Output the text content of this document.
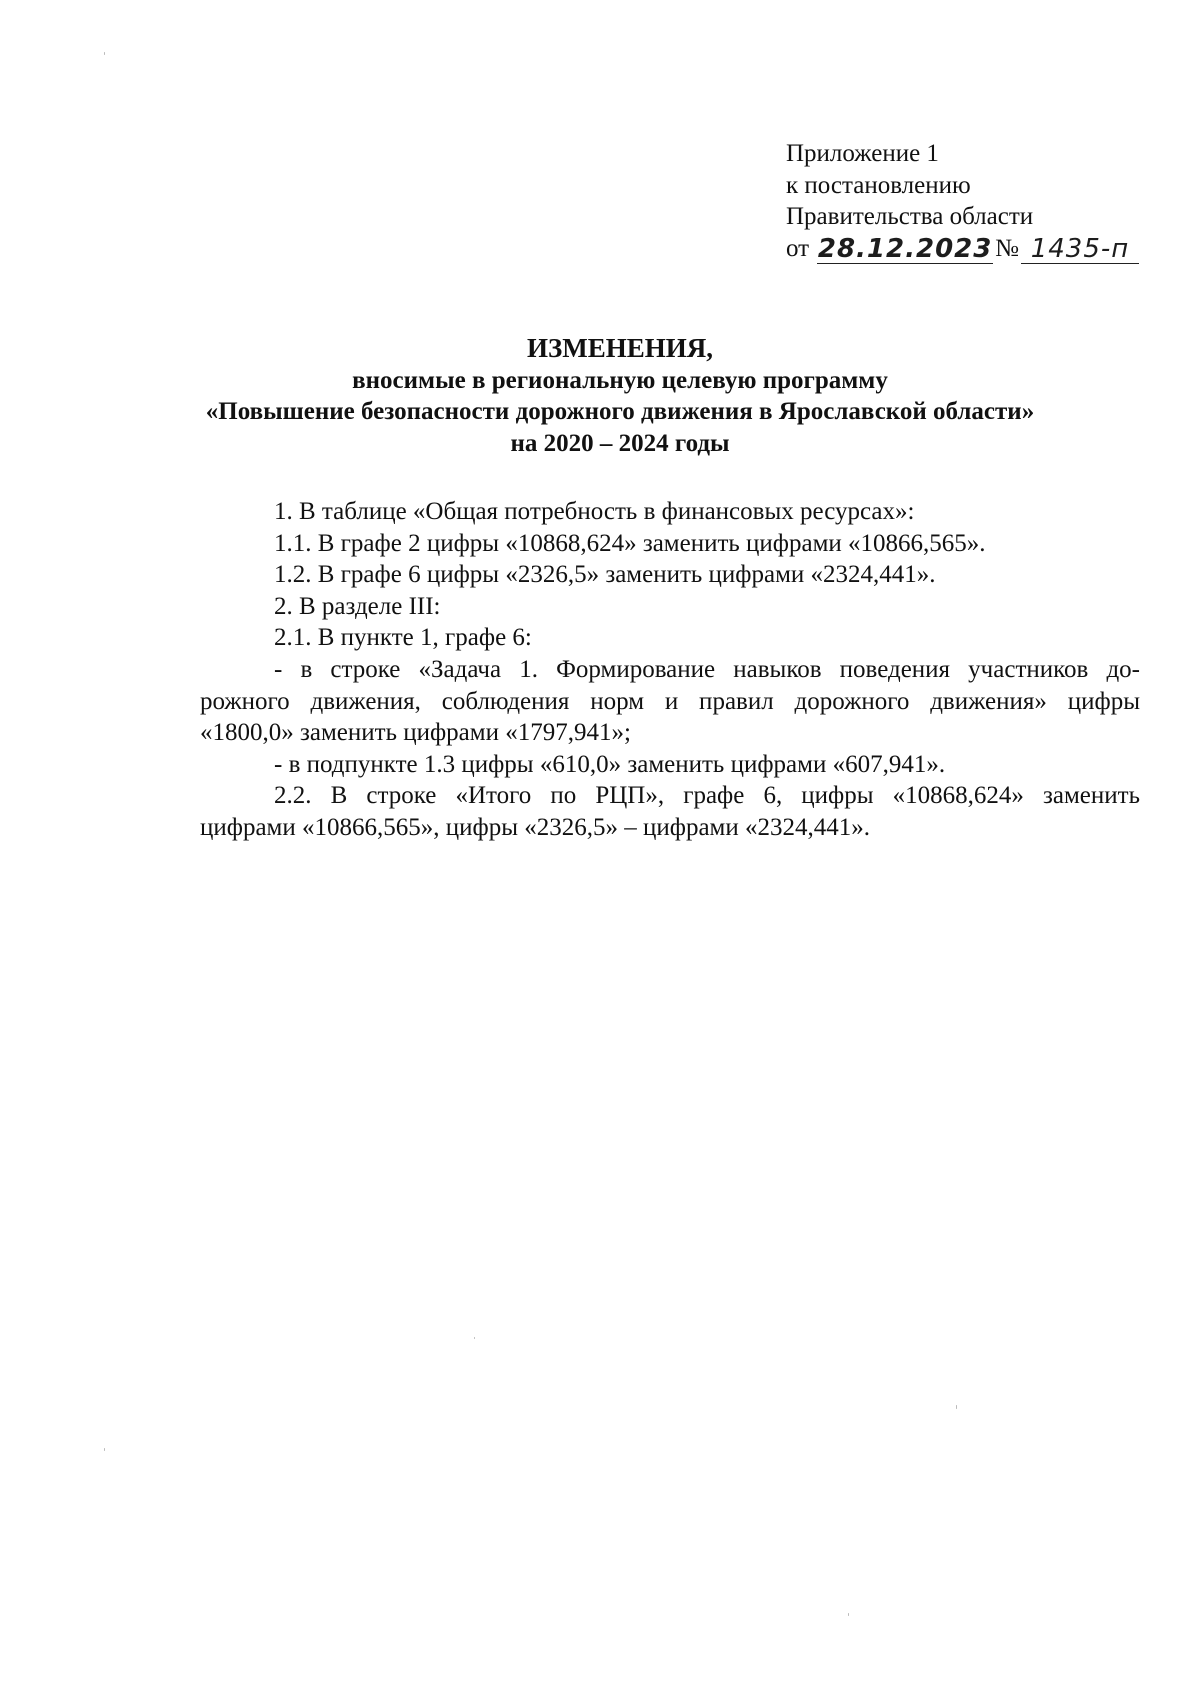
Приложение 1
к постановлению
Правительства области
от 28.12.2023 № 1435-п
ИЗМЕНЕНИЯ,
вносимые в региональную целевую программу
«Повышение безопасности дорожного движения в Ярославской области»
на 2020 – 2024 годы
1. В таблице «Общая потребность в финансовых ресурсах»:
1.1. В графе 2 цифры «10868,624» заменить цифрами «10866,565».
1.2. В графе 6 цифры «2326,5» заменить цифрами «2324,441».
2. В разделе III:
2.1. В пункте 1, графе 6:
- в строке «Задача 1. Формирование навыков поведения участников до-
рожного движения, соблюдения норм и правил дорожного движения» цифры
«1800,0» заменить цифрами «1797,941»;
- в подпункте 1.3 цифры «610,0» заменить цифрами «607,941».
2.2. В строке «Итого по РЦП», графе 6, цифры «10868,624» заменить
цифрами «10866,565», цифры «2326,5» – цифрами «2324,441».
